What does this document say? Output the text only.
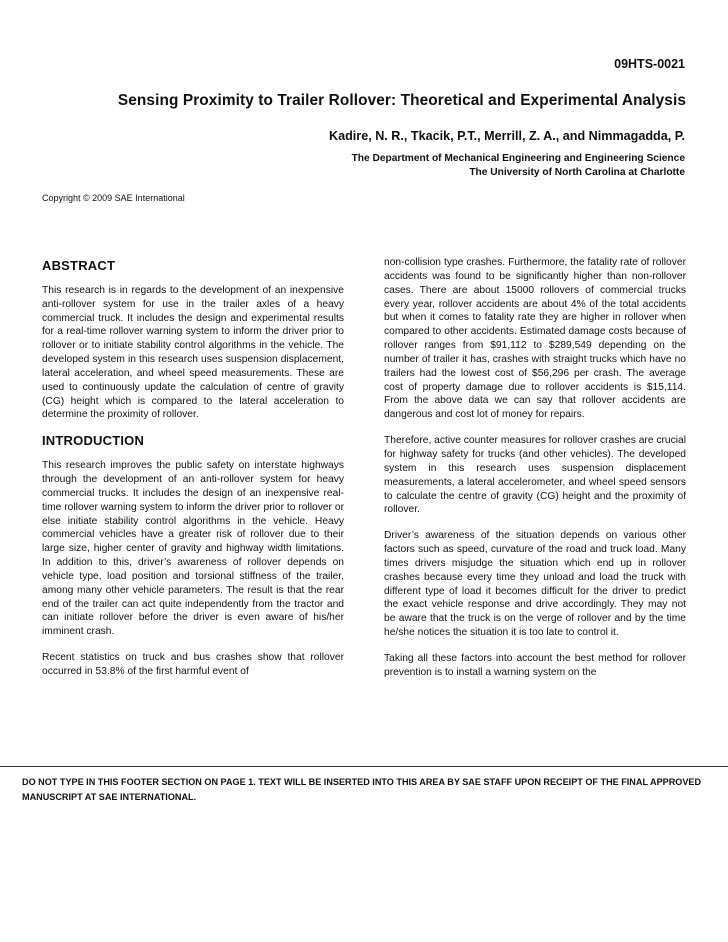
09HTS-0021
Sensing Proximity to Trailer Rollover: Theoretical and Experimental Analysis
Kadire, N. R., Tkacik, P.T., Merrill, Z. A., and Nimmagadda, P.
The Department of Mechanical Engineering and Engineering Science
The University of North Carolina at Charlotte
Copyright © 2009 SAE International
ABSTRACT

This research is in regards to the development of an inexpensive anti-rollover system for use in the trailer axles of a heavy commercial truck. It includes the design and experimental results for a real-time rollover warning system to inform the driver prior to rollover or to initiate stability control algorithms in the vehicle. The developed system in this research uses suspension displacement, lateral acceleration, and wheel speed measurements. These are used to continuously update the calculation of centre of gravity (CG) height which is compared to the lateral acceleration to determine the proximity of rollover.

INTRODUCTION

This research improves the public safety on interstate highways through the development of an anti-rollover system for heavy commercial trucks. It includes the design of an inexpensive real-time rollover warning system to inform the driver prior to rollover or else initiate stability control algorithms in the vehicle. Heavy commercial vehicles have a greater risk of rollover due to their large size, higher center of gravity and highway width limitations. In addition to this, driver’s awareness of rollover depends on vehicle type, load position and torsional stiffness of the trailer, among many other vehicle parameters. The result is that the rear end of the trailer can act quite independently from the tractor and can initiate rollover before the driver is even aware of his/her imminent crash.

Recent statistics on truck and bus crashes show that rollover occurred in 53.8% of the first harmful event of

non-collision type crashes. Furthermore, the fatality rate of rollover accidents was found to be significantly higher than non-rollover cases. There are about 15000 rollovers of commercial trucks every year, rollover accidents are about 4% of the total accidents but when it comes to fatality rate they are higher in rollover when compared to other accidents. Estimated damage costs because of rollover ranges from $91,112 to $289,549 depending on the number of trailer it has, crashes with straight trucks which have no trailers had the lowest cost of $56,296 per crash. The average cost of property damage due to rollover accidents is $15,114. From the above data we can say that rollover accidents are dangerous and cost lot of money for repairs.

Therefore, active counter measures for rollover crashes are crucial for highway safety for trucks (and other vehicles). The developed system in this research uses suspension displacement measurements, a lateral accelerometer, and wheel speed sensors to calculate the centre of gravity (CG) height and the proximity of rollover.

Driver’s awareness of the situation depends on various other factors such as speed, curvature of the road and truck load. Many times drivers misjudge the situation which end up in rollover crashes because every time they unload and load the truck with different type of load it becomes difficult for the driver to predict the exact vehicle response and drive accordingly. They may not be aware that the truck is on the verge of rollover and by the time he/she notices the situation it is too late to control it.

Taking all these factors into account the best method for rollover prevention is to install a warning system on the

DO NOT TYPE IN THIS FOOTER SECTION ON PAGE 1. TEXT WILL BE INSERTED INTO THIS AREA BY SAE STAFF UPON RECEIPT OF THE FINAL APPROVED MANUSCRIPT AT SAE INTERNATIONAL.
